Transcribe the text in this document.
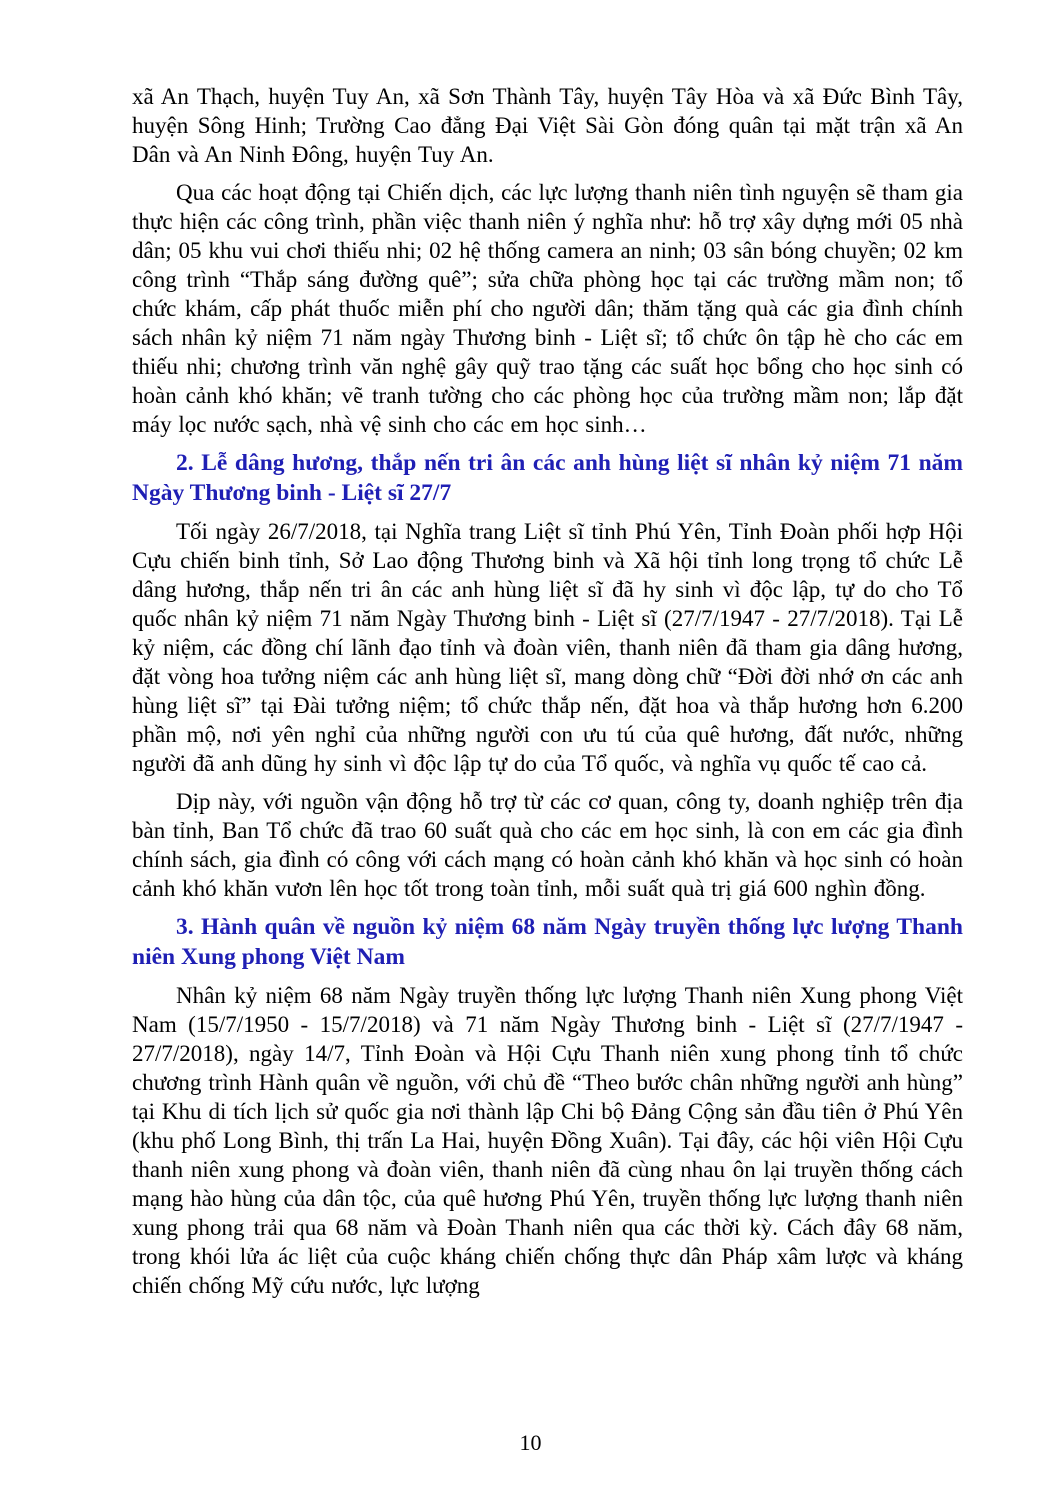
xã An Thạch, huyện Tuy An, xã Sơn Thành Tây, huyện Tây Hòa và xã Đức Bình Tây, huyện Sông Hinh; Trường Cao đẳng Đại Việt Sài Gòn đóng quân tại mặt trận xã An Dân và An Ninh Đông, huyện Tuy An.

Qua các hoạt động tại Chiến dịch, các lực lượng thanh niên tình nguyện sẽ tham gia thực hiện các công trình, phần việc thanh niên ý nghĩa như: hỗ trợ xây dựng mới 05 nhà dân; 05 khu vui chơi thiếu nhi; 02 hệ thống camera an ninh; 03 sân bóng chuyền; 02 km công trình “Thắp sáng đường quê”; sửa chữa phòng học tại các trường mầm non; tổ chức khám, cấp phát thuốc miễn phí cho người dân; thăm tặng quà các gia đình chính sách nhân kỷ niệm 71 năm ngày Thương binh - Liệt sĩ; tổ chức ôn tập hè cho các em thiếu nhi; chương trình văn nghệ gây quỹ trao tặng các suất học bổng cho học sinh có hoàn cảnh khó khăn; vẽ tranh tường cho các phòng học của trường mầm non; lắp đặt máy lọc nước sạch, nhà vệ sinh cho các em học sinh…

2. Lễ dâng hương, thắp nến tri ân các anh hùng liệt sĩ nhân kỷ niệm 71 năm Ngày Thương binh - Liệt sĩ 27/7

Tối ngày 26/7/2018, tại Nghĩa trang Liệt sĩ tỉnh Phú Yên, Tỉnh Đoàn phối hợp Hội Cựu chiến binh tỉnh, Sở Lao động Thương binh và Xã hội tỉnh long trọng tổ chức Lễ dâng hương, thắp nến tri ân các anh hùng liệt sĩ đã hy sinh vì độc lập, tự do cho Tổ quốc nhân kỷ niệm 71 năm Ngày Thương binh - Liệt sĩ (27/7/1947 - 27/7/2018). Tại Lễ kỷ niệm, các đồng chí lãnh đạo tỉnh và đoàn viên, thanh niên đã tham gia dâng hương, đặt vòng hoa tưởng niệm các anh hùng liệt sĩ, mang dòng chữ “Đời đời nhớ ơn các anh hùng liệt sĩ” tại Đài tưởng niệm; tổ chức thắp nến, đặt hoa và thắp hương hơn 6.200 phần mộ, nơi yên nghỉ của những người con ưu tú của quê hương, đất nước, những người đã anh dũng hy sinh vì độc lập tự do của Tổ quốc, và nghĩa vụ quốc tế cao cả.

Dịp này, với nguồn vận động hỗ trợ từ các cơ quan, công ty, doanh nghiệp trên địa bàn tỉnh, Ban Tổ chức đã trao 60 suất quà cho các em học sinh, là con em các gia đình chính sách, gia đình có công với cách mạng có hoàn cảnh khó khăn và học sinh có hoàn cảnh khó khăn vươn lên học tốt trong toàn tỉnh, mỗi suất quà trị giá 600 nghìn đồng.

3. Hành quân về nguồn kỷ niệm 68 năm Ngày truyền thống lực lượng Thanh niên Xung phong Việt Nam

Nhân kỷ niệm 68 năm Ngày truyền thống lực lượng Thanh niên Xung phong Việt Nam (15/7/1950 - 15/7/2018) và 71 năm Ngày Thương binh - Liệt sĩ (27/7/1947 - 27/7/2018), ngày 14/7, Tỉnh Đoàn và Hội Cựu Thanh niên xung phong tỉnh tổ chức chương trình Hành quân về nguồn, với chủ đề “Theo bước chân những người anh hùng” tại Khu di tích lịch sử quốc gia nơi thành lập Chi bộ Đảng Cộng sản đầu tiên ở Phú Yên (khu phố Long Bình, thị trấn La Hai, huyện Đồng Xuân). Tại đây, các hội viên Hội Cựu thanh niên xung phong và đoàn viên, thanh niên đã cùng nhau ôn lại truyền thống cách mạng hào hùng của dân tộc, của quê hương Phú Yên, truyền thống lực lượng thanh niên xung phong trải qua 68 năm và Đoàn Thanh niên qua các thời kỳ. Cách đây 68 năm, trong khói lửa ác liệt của cuộc kháng chiến chống thực dân Pháp xâm lược và kháng chiến chống Mỹ cứu nước, lực lượng

10
